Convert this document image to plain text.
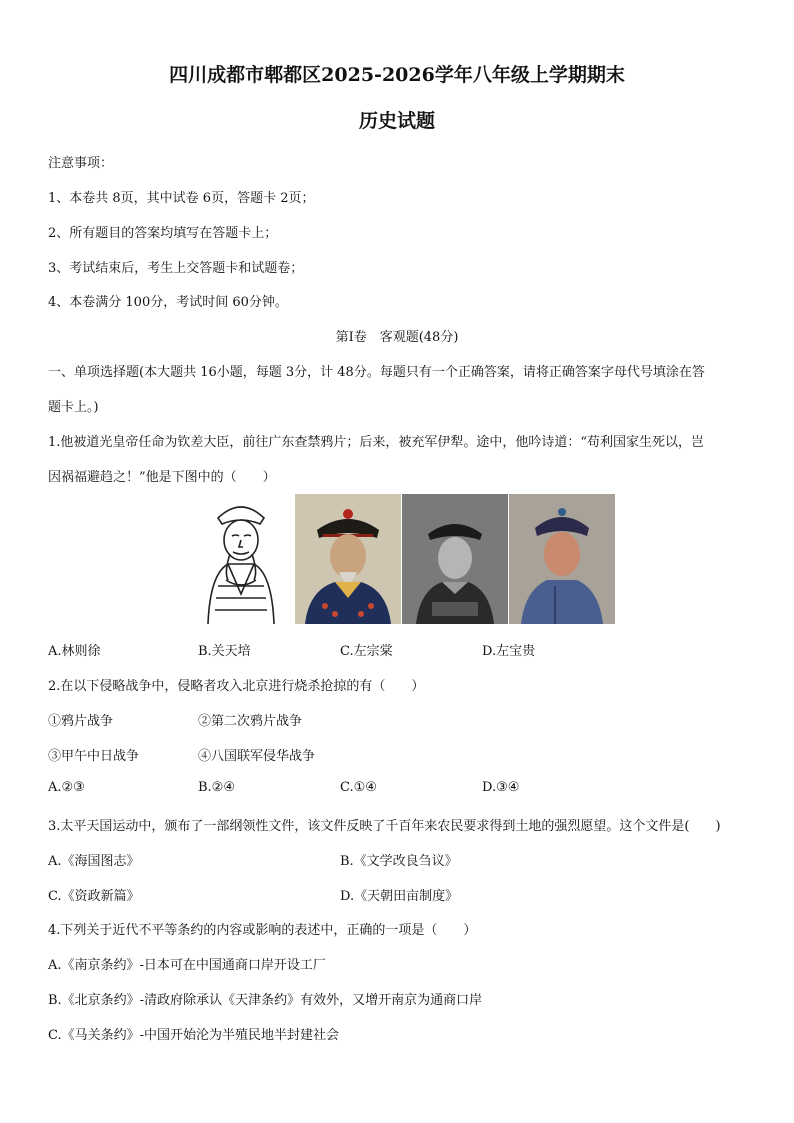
四川成都市郫都区2025-2026学年八年级上学期期末
历史试题
注意事项：
1、本卷共 8页，其中试卷 6页，答题卡 2页；
2、所有题目的答案均填写在答题卡上；
3、考试结束后，考生上交答题卡和试题卷；
4、本卷满分 100分，考试时间 60分钟。
第Ⅰ卷　客观题(48分)
一、单项选择题(本大题共 16小题，每题 3分，计 48分。每题只有一个正确答案，请将正确答案字母代号填涂在答
题卡上。)
1.他被道光皇帝任命为钦差大臣，前往广东查禁鸦片；后来，被充军伊犁。途中，他吟诗道：“苟利国家生死以，岂
因祸福避趋之！”他是下图中的（　　）
A.林则徐	B.关天培	C.左宗棠	D.左宝贵
2.在以下侵略战争中，侵略者攻入北京进行烧杀抢掠的有（　　）
①鸦片战争	②第二次鸦片战争
③甲午中日战争	④八国联军侵华战争
A.②③	B.②④	C.①④	D.③④
3.太平天国运动中，颁布了一部纲领性文件，该文件反映了千百年来农民要求得到土地的强烈愿望。这个文件是(　　)
A.《海国图志》	B.《文学改良刍议》
C.《资政新篇》	D.《天朝田亩制度》
4.下列关于近代不平等条约的内容或影响的表述中，正确的一项是（　　）
A.《南京条约》-日本可在中国通商口岸开设工厂
B.《北京条约》-清政府除承认《天津条约》有效外，又增开南京为通商口岸
C.《马关条约》-中国开始沦为半殖民地半封建社会
